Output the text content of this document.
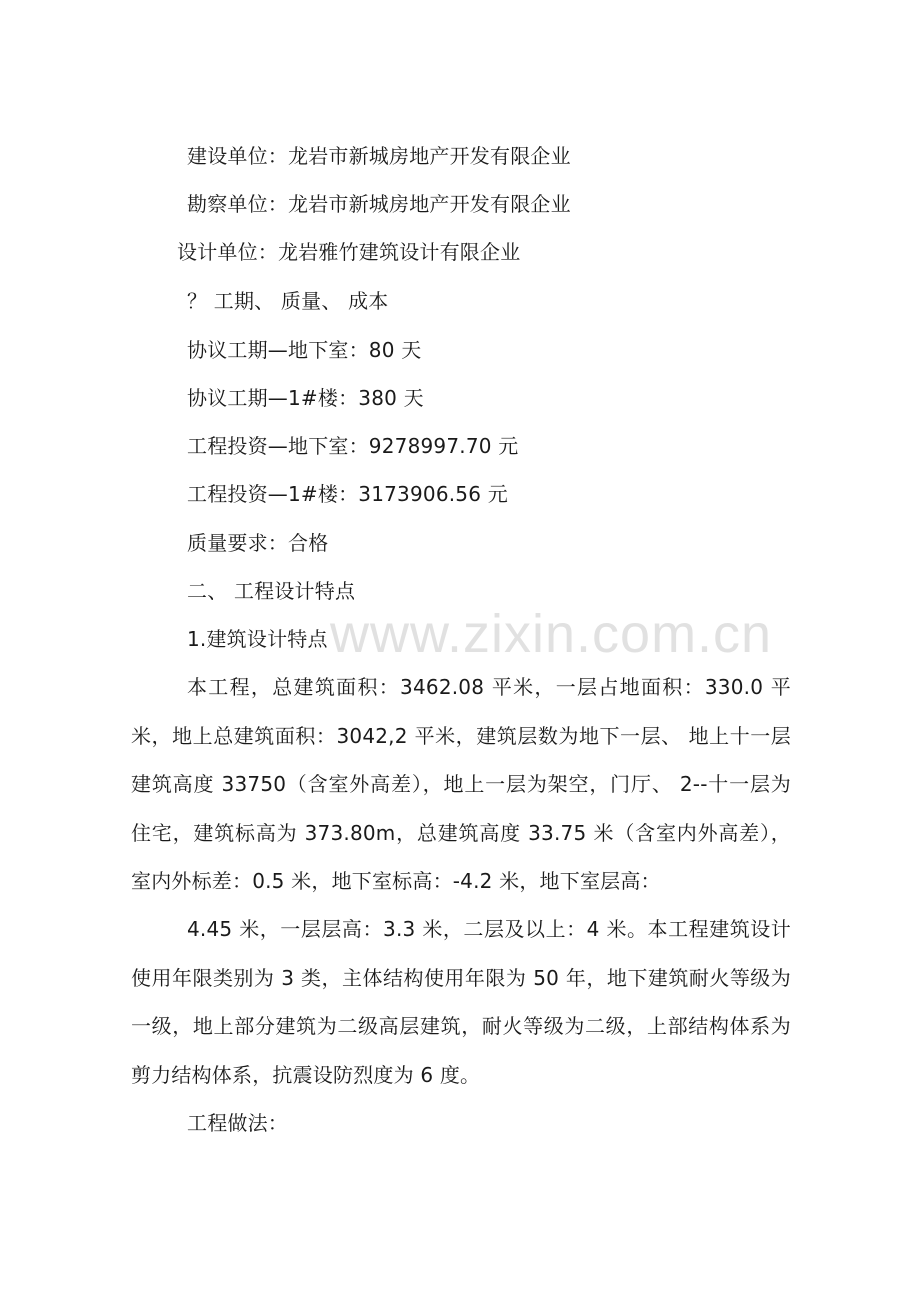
建设单位：龙岩市新城房地产开发有限企业
勘察单位：龙岩市新城房地产开发有限企业
设计单位：龙岩雅竹建筑设计有限企业
？ 工期、 质量、 成本
协议工期—地下室：80 天
协议工期—1#楼：380 天
工程投资—地下室：9278997.70 元
工程投资—1#楼：3173906.56 元
质量要求：合格
二、 工程设计特点
1.建筑设计特点

本工程，总建筑面积：3462.08 平米，一层占地面积：330.0 平米，地上总建筑面积：3042,2 平米，建筑层数为地下一层、 地上十一层建筑高度 33750（含室外高差），地上一层为架空，门厅、 2--十一层为住宅，建筑标高为 373.80m，总建筑高度 33.75 米（含室内外高差），室内外标差：0.5 米，地下室标高：-4.2 米，地下室层高：

4.45 米，一层层高：3.3 米，二层及以上：4 米。本工程建筑设计使用年限类别为 3 类，主体结构使用年限为 50 年，地下建筑耐火等级为一级，地上部分建筑为二级高层建筑，耐火等级为二级，上部结构体系为剪力结构体系，抗震设防烈度为 6 度。

工程做法：
www.zixin.com.cn
